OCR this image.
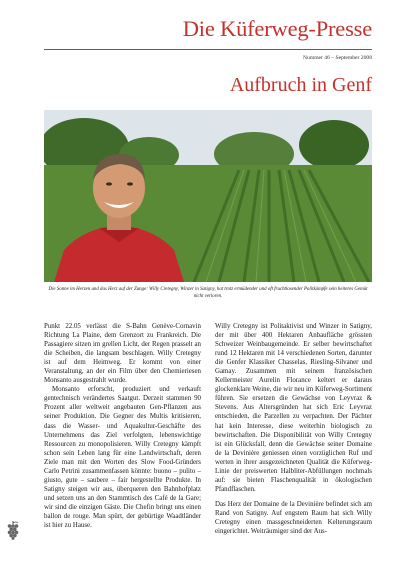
Die Küferweg-Presse
Nummer 46 – September 2008
Aufbruch in Genf
Die Sonne im Herzen und das Herz auf der Zunge: Willy Cretegny, Winzer in Satigny, hat trotz ermüdender und oft fruchtlosender Politkämpfe sein heiteres Gemüt nicht verloren.

Punkt 22.05 verlässt die S-Bahn Genève-Cornavin Richtung La Plaine, dem Grenzort zu Frankreich. Die Passagiere sitzen im grellen Licht, der Regen prasselt an die Scheiben, die langsam beschlagen. Willy Cretegny ist auf dem Heimweg. Er kommt von einer Veranstaltung, an der ein Film über den Chemieriesen Monsanto ausgestrahlt wurde.

Monsanto erforscht, produziert und verkauft gentechnisch verändertes Saatgut. Derzeit stammen 90 Prozent aller weltweit angebauten Gen-Pflanzen aus seiner Produktion. Die Gegner des Multis kritisieren, dass die Wasser- und Aquakultur-Geschäfte des Unternehmens das Ziel verfolgten, lebenswichtige Ressourcen zu monopolisieren. Willy Cretegny kämpft schon sein Leben lang für eine Landwirtschaft, deren Ziele man mit den Worten des Slow Food-Gründers Carlo Petrini zusammenfassen könnte: buono – pulito – giusto, gute – saubere – fair hergestellte Produkte. In Satigny steigen wir aus, überqueren den Bahnhofplatz und setzen uns an den Stammtisch des Café de la Gare; wir sind die einzigen Gäste. Die Chefin bringt uns einen ballon de rouge. Man spürt, der gebürtige Waadtländer ist hier zu Hause.

Willy Cretegny ist Politaktivist und Winzer in Satigny, der mit über 400 Hektaren Anbaufläche grössten Schweizer Weinbaugemeinde. Er selber bewirtschaftet rund 12 Hektaren mit 14 verschiedenen Sorten, darunter die Genfer Klassiker Chasselas, Riesling-Silvaner und Gamay. Zusammen mit seinem französischen Kellermeister Aurelin Florance keltert er daraus glockenklare Weine, die wir neu im Küferweg-Sortiment führen. Sie ersetzen die Gewächse von Leyvraz & Stevens. Aus Altersgründen hat sich Eric Leyvraz entschieden, die Parzellen zu verpachten. Der Pächter hat kein Interesse, diese weiterhin biologisch zu bewirtschaften. Die Disponibilität von Willy Cretegny ist ein Glücksfall, denn die Gewächse seiner Domaine de la Devinière geniessen einen vorzüglichen Ruf und werten in ihrer ausgezeichneten Qualität die Küferweg-Linie der preiswerten Halbliter-Abfüllungen nochmals auf: sie bieten Flaschenqualität in ökologischen Pfandflaschen.

Das Herz der Domaine de la Devinière befindet sich am Rand von Satigny. Auf engstem Raum hat sich Willy Cretegny einen massgeschneiderten Kelterungsraum eingerichtet. Weiträumiger sind der Aus-
